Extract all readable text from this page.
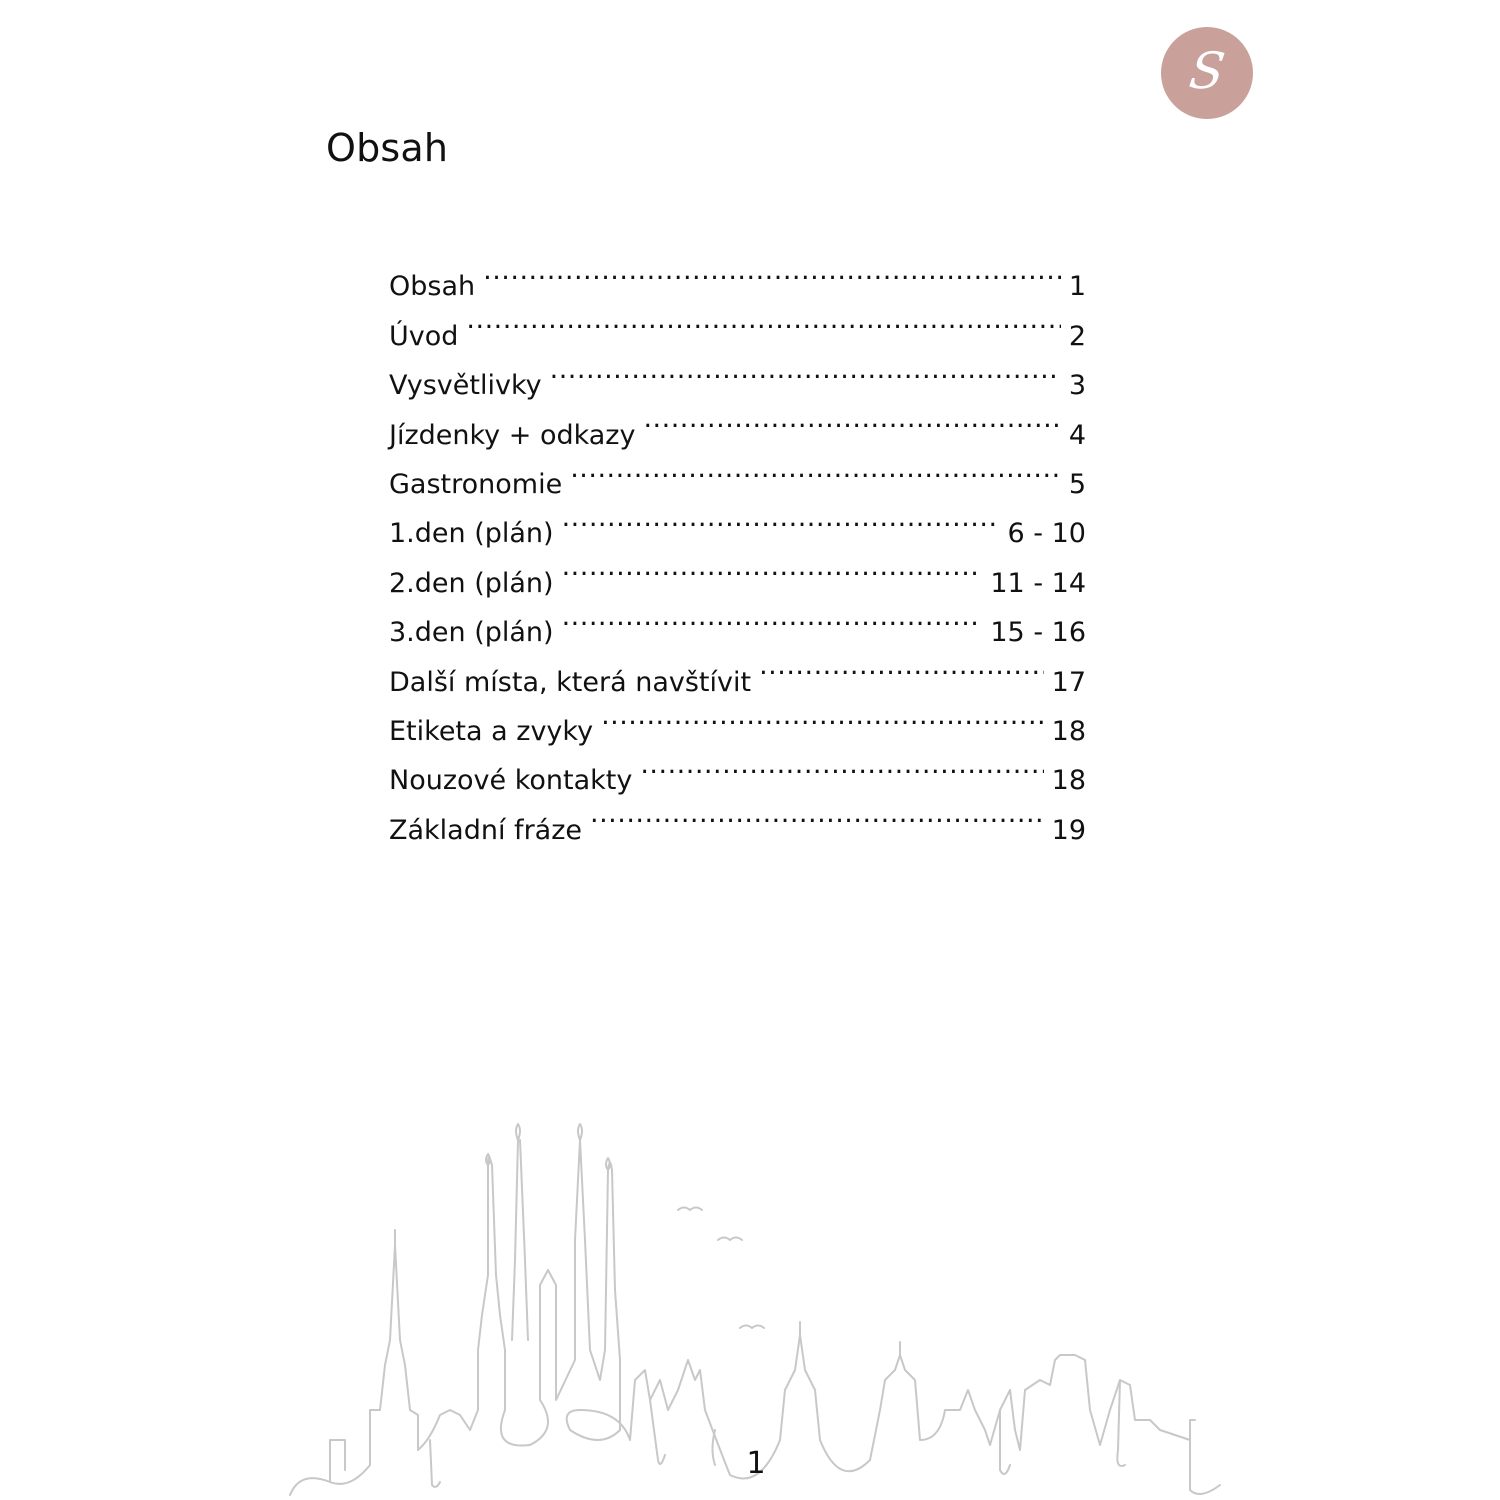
S
Obsah
Obsah .....	1
Úvod .....	2
Vysvětlivky .....	3
Jízdenky + odkazy .....	4
Gastronomie .....	5
1.den (plán) .....	6 - 10
2.den (plán) .....	11 - 14
3.den (plán) .....	15 - 16
Další místa, která navštívit .....	17
Etiketa a zvyky .....	18
Nouzové kontakty .....	18
Základní fráze .....	19
1
